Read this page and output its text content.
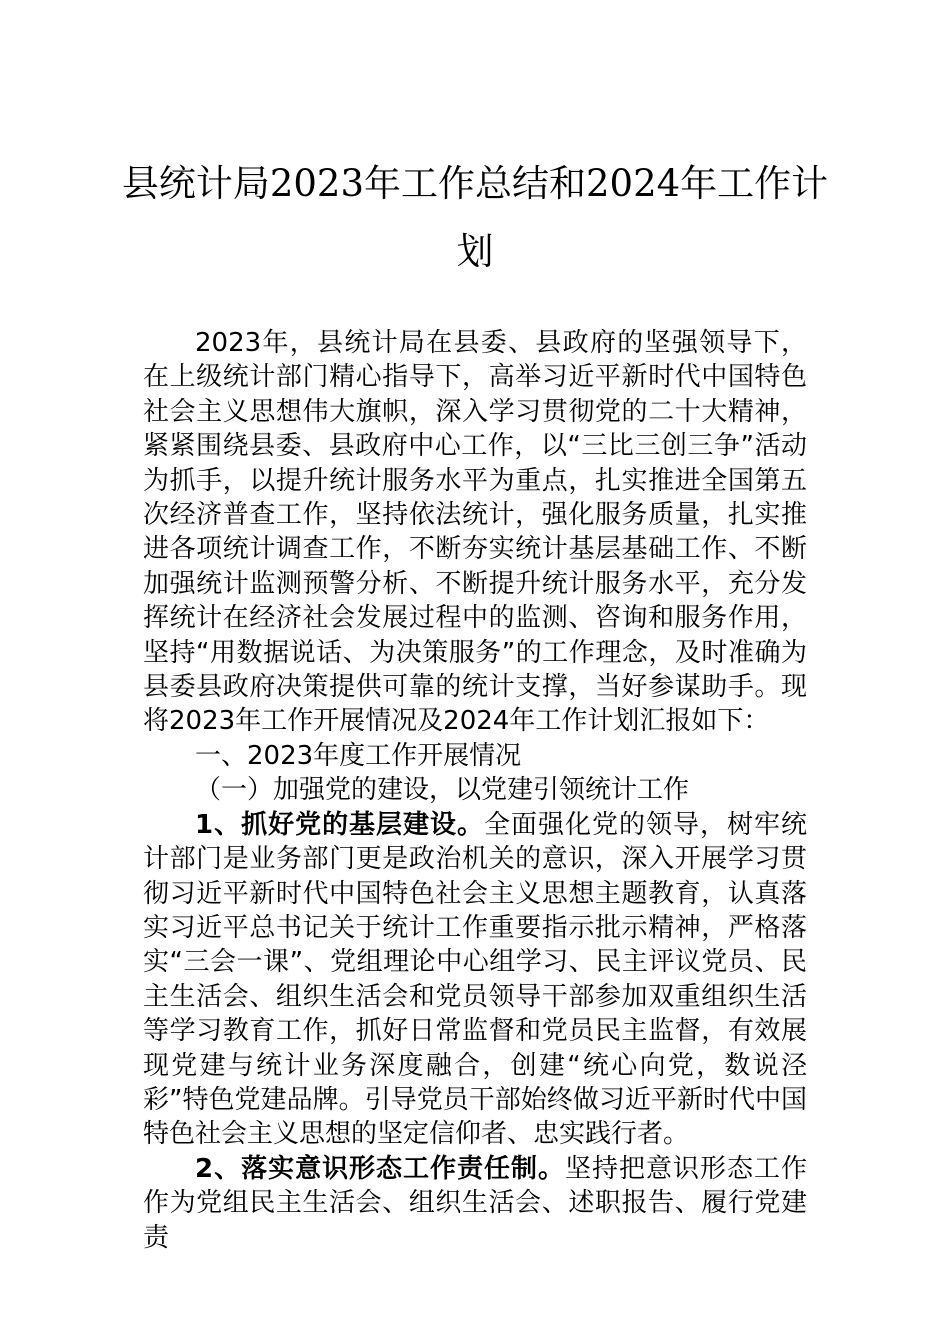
县统计局2023年工作总结和2024年工作计
划

2023年，县统计局在县委、县政府的坚强领导下，在上级统计部门精心指导下，高举习近平新时代中国特色社会主义思想伟大旗帜，深入学习贯彻党的二十大精神，紧紧围绕县委、县政府中心工作，以“三比三创三争”活动为抓手，以提升统计服务水平为重点，扎实推进全国第五次经济普查工作，坚持依法统计，强化服务质量，扎实推进各项统计调查工作，不断夯实统计基层基础工作、不断加强统计监测预警分析、不断提升统计服务水平，充分发挥统计在经济社会发展过程中的监测、咨询和服务作用，坚持“用数据说话、为决策服务”的工作理念，及时准确为县委县政府决策提供可靠的统计支撑，当好参谋助手。现将2023年工作开展情况及2024年工作计划汇报如下：

一、2023年度工作开展情况

（一）加强党的建设，以党建引领统计工作

1、抓好党的基层建设。全面强化党的领导，树牢统计部门是业务部门更是政治机关的意识，深入开展学习贯彻习近平新时代中国特色社会主义思想主题教育，认真落实习近平总书记关于统计工作重要指示批示精神，严格落实“三会一课”、党组理论中心组学习、民主评议党员、民主生活会、组织生活会和党员领导干部参加双重组织生活等学习教育工作，抓好日常监督和党员民主监督，有效展现党建与统计业务深度融合，创建“统心向党，数说泾彩”特色党建品牌。引导党员干部始终做习近平新时代中国特色社会主义思想的坚定信仰者、忠实践行者。

2、落实意识形态工作责任制。坚持把意识形态工作作为党组民主生活会、组织生活会、述职报告、履行党建责
